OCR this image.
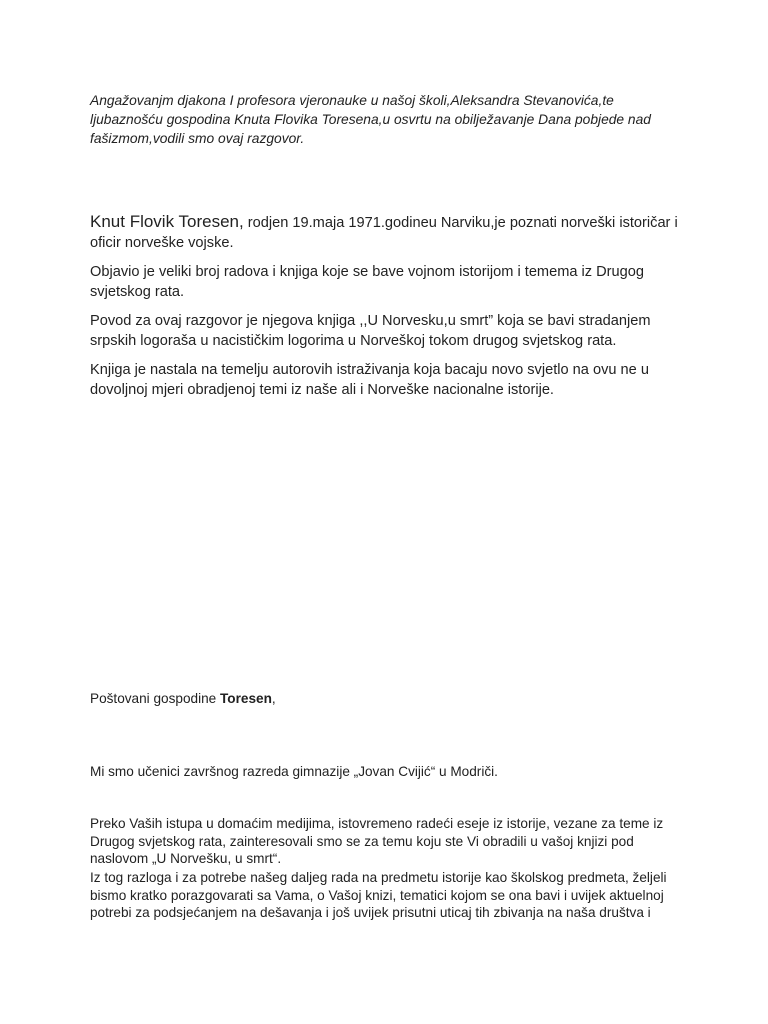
Angažovanjm djakona I profesora vjeronauke u našoj školi,Aleksandra Stevanovića,te ljubaznošću gospodina Knuta Flovika Toresena,u osvrtu na obilježavanje Dana pobjede nad fašizmom,vodili smo ovaj razgovor.

Knut Flovik Toresen, rodjen 19.maja 1971.godineu Narviku,je poznati norveški istoričar i oficir norveške vojske.

Objavio je veliki broj radova i knjiga koje se bave vojnom istorijom i temema iz Drugog svjetskog rata.

Povod za ovaj razgovor je njegova knjiga ,,U Norvesku,u smrt” koja se bavi stradanjem srpskih logoraša u nacističkim logorima u Norveškoj tokom drugog svjetskog rata.

Knjiga je nastala na temelju autorovih istraživanja koja bacaju novo svjetlo na ovu ne u dovoljnoj mjeri obradjenoj temi iz naše ali i Norveške nacionalne istorije.

Poštovani gospodine Toresen,

Mi smo učenici završnog razreda gimnazije „Jovan Cvijić“ u Modriči.

Preko Vaših istupa u domaćim medijima, istovremeno radeći eseje iz istorije, vezane za teme iz Drugog svjetskog rata, zainteresovali smo se za temu koju ste Vi obradili u vašoj knjizi pod naslovom „U Norvešku, u smrt“.

Iz tog razloga i za potrebe našeg daljeg rada na predmetu istorije kao školskog predmeta, željeli bismo kratko porazgovarati sa Vama, o Vašoj knizi, tematici kojom se ona bavi i uvijek aktuelnoj potrebi za podsjećanjem na dešavanja i još uvijek prisutni uticaj tih zbivanja na naša društva i
